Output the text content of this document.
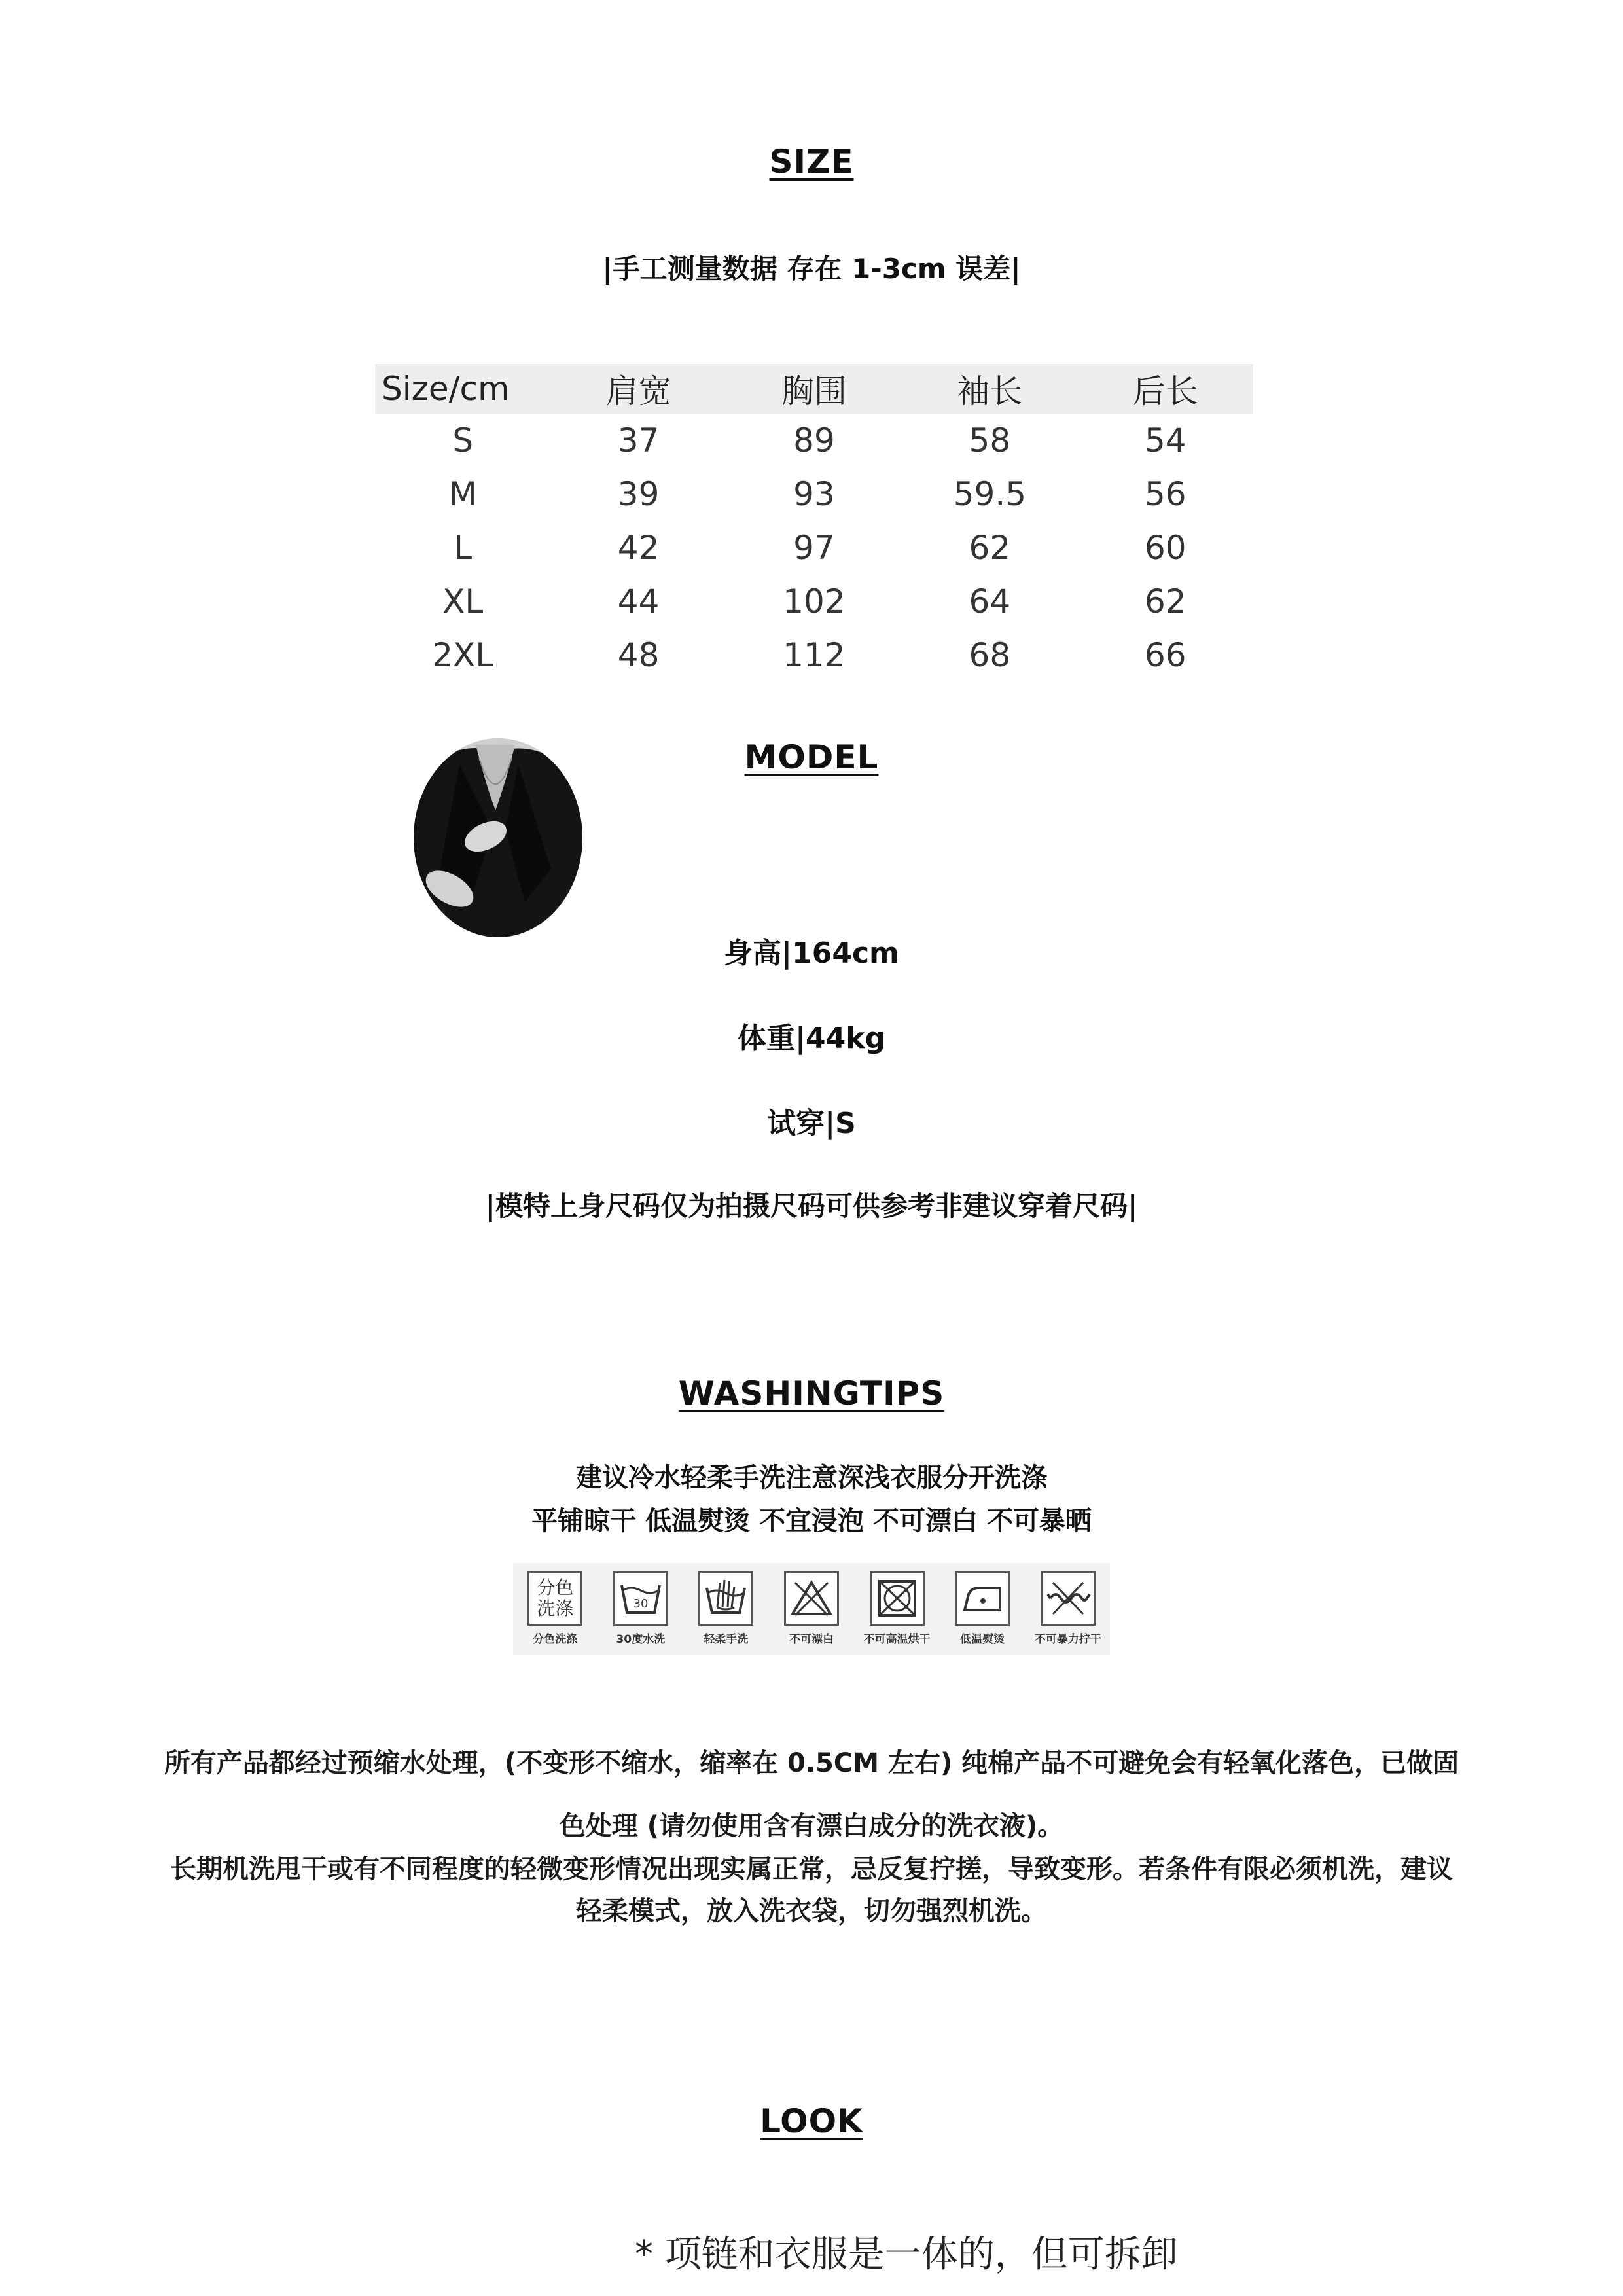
SIZE
|手工测量数据 存在 1-3cm 误差|
Size/cm	肩宽	胸围	袖长	后长
S	37	89	58	54
M	39	93	59.5	56
L	42	97	62	60
XL	44	102	64	62
2XL	48	112	68	66
MODEL
身高|164cm
体重|44kg
试穿|S
|模特上身尺码仅为拍摄尺码可供参考非建议穿着尺码|
WASHINGTIPS
建议冷水轻柔手洗注意深浅衣服分开洗涤
平铺晾干 低温熨烫 不宜浸泡 不可漂白 不可暴晒
分色
洗涤
分色洗涤
30
30度水洗	轻柔手洗	不可漂白	不可高温烘干	低温熨烫	不可暴力拧干
所有产品都经过预缩水处理，(不变形不缩水，缩率在 0.5CM 左右) 纯棉产品不可避免会有轻氧化落色，已做固
色处理 (请勿使用含有漂白成分的洗衣液)。
长期机洗甩干或有不同程度的轻微变形情况出现实属正常，忌反复拧搓，导致变形。若条件有限必须机洗，建议
轻柔模式，放入洗衣袋，切勿强烈机洗。
LOOK
* 项链和衣服是一体的，但可拆卸
